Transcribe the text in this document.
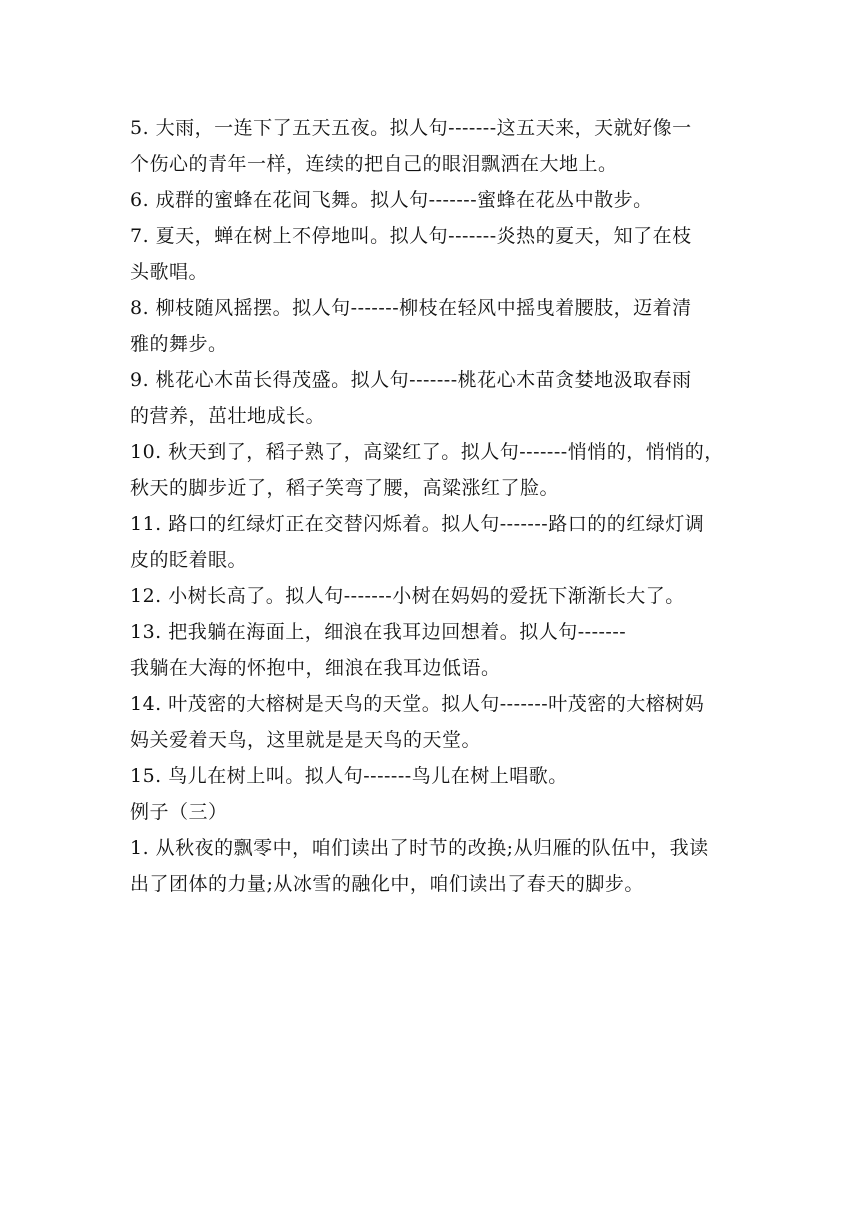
5. 大雨，一连下了五天五夜。拟人句-------这五天来，天就好像一
个伤心的青年一样，连续的把自己的眼泪飘洒在大地上。
6. 成群的蜜蜂在花间飞舞。拟人句-------蜜蜂在花丛中散步。
7. 夏天，蝉在树上不停地叫。拟人句-------炎热的夏天，知了在枝
头歌唱。
8. 柳枝随风摇摆。拟人句-------柳枝在轻风中摇曳着腰肢，迈着清
雅的舞步。
9. 桃花心木苗长得茂盛。拟人句-------桃花心木苗贪婪地汲取春雨
的营养，茁壮地成长。
10. 秋天到了，稻子熟了，高粱红了。拟人句-------悄悄的，悄悄的，
秋天的脚步近了，稻子笑弯了腰，高粱涨红了脸。
11. 路口的红绿灯正在交替闪烁着。拟人句-------路口的的红绿灯调
皮的眨着眼。
12. 小树长高了。拟人句-------小树在妈妈的爱抚下渐渐长大了。
13. 把我躺在海面上，细浪在我耳边回想着。拟人句-------
我躺在大海的怀抱中，细浪在我耳边低语。
14. 叶茂密的大榕树是天鸟的天堂。拟人句-------叶茂密的大榕树妈
妈关爱着天鸟，这里就是是天鸟的天堂。
15. 鸟儿在树上叫。拟人句-------鸟儿在树上唱歌。
例子（三）
1. 从秋夜的飘零中，咱们读出了时节的改换;从归雁的队伍中，我读
出了团体的力量;从冰雪的融化中，咱们读出了春天的脚步。
